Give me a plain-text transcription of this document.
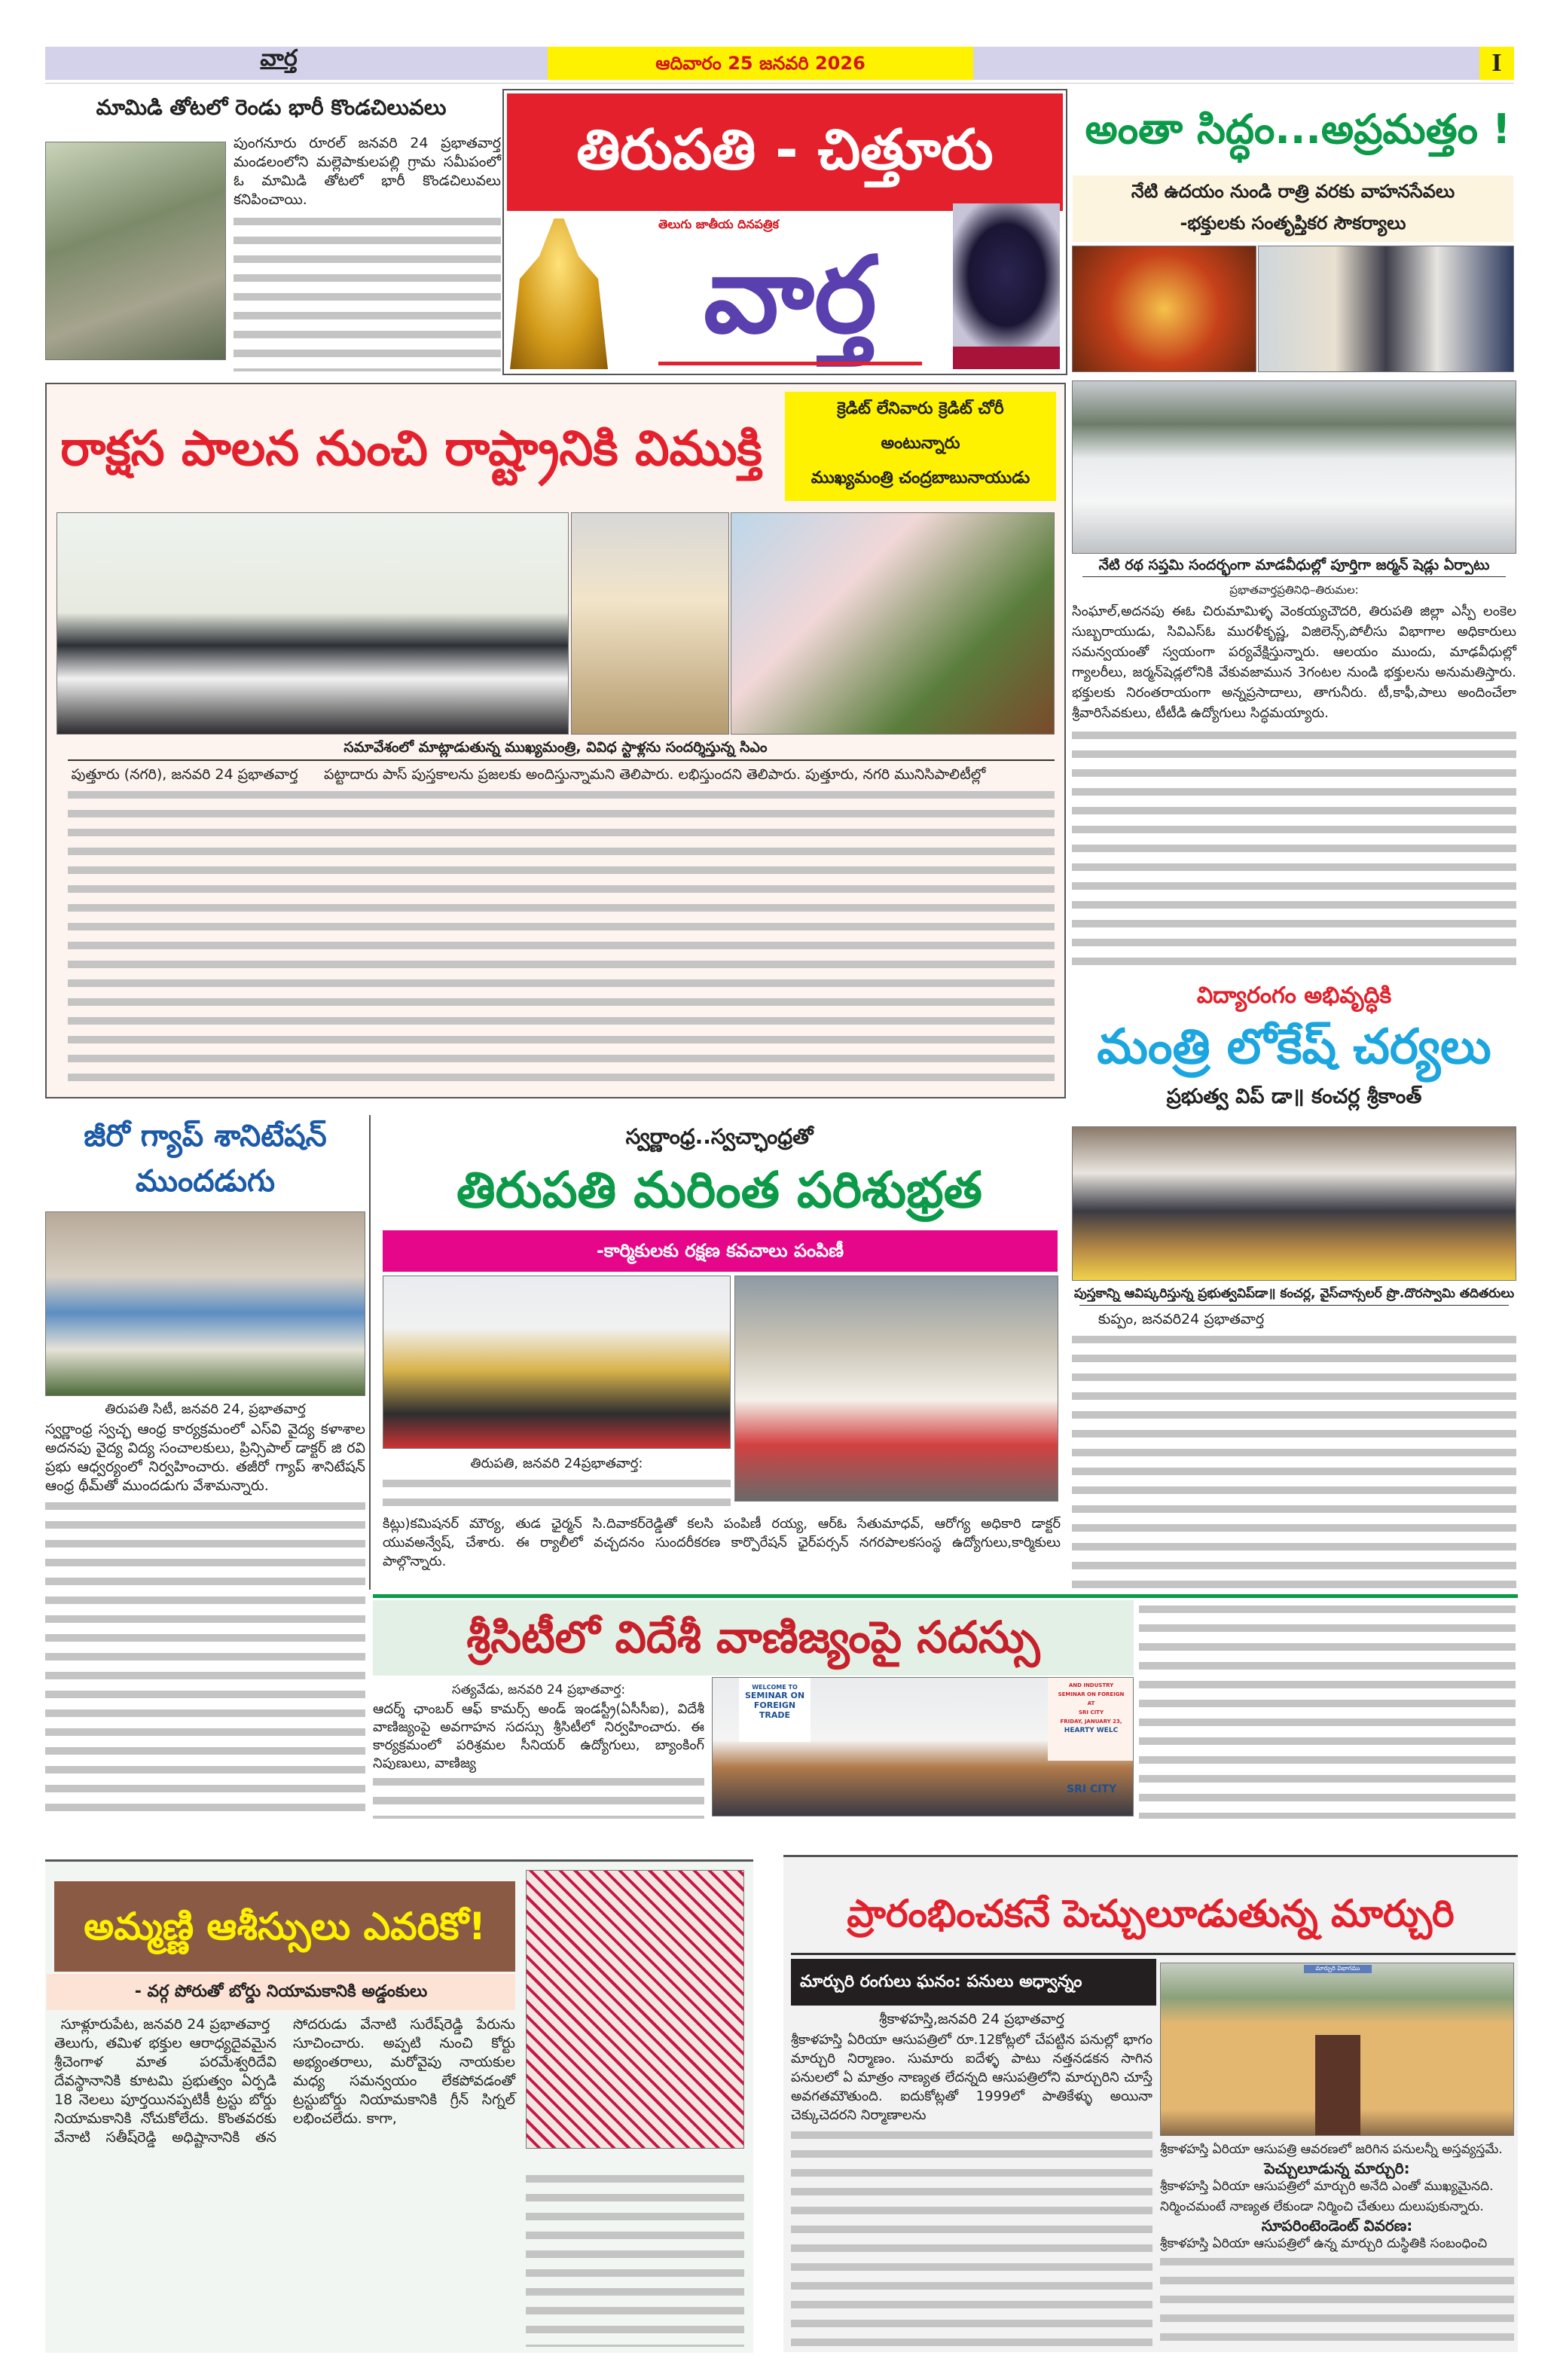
వార్త	ఆదివారం 25 జనవరి 2026	I
మామిడి తోటలో రెండు భారీ కొండచిలువలు
పుంగనూరు రూరల్ జనవరి 24 ప్రభాతవార్త మండలంలోని మల్లెపాకులపల్లి గ్రామ సమీపంలో ఓ మామిడి తోటలో భారీ కొండచిలువలు కనిపించాయి.
తిరుపతి - చిత్తూరు
తెలుగు జాతీయ దినపత్రిక
వార్త
అంతా సిద్ధం...అప్రమత్తం !
నేటి ఉదయం నుండి రాత్రి వరకు వాహనసేవలు
-భక్తులకు సంతృప్తికర సౌకర్యాలు
నేటి రథ సప్తమి సందర్భంగా మాడవీధుల్లో పూర్తిగా జర్మన్ షెడ్లు ఏర్పాటు
ప్రభాతవార్తప్రతినిధి–తిరుమల:
సింఘాల్,అదనపు ఈఓ చిరుమామిళ్ళ వెంకయ్యచౌదరి, తిరుపతి జిల్లా ఎస్పీ లంకెల సుబ్బరాయుడు, సివిఎస్ఓ మురళీకృష్ణ, విజిలెన్స్,పోలీసు విభాగాల అధికారులు సమన్వయంతో స్వయంగా పర్యవేక్షిస్తున్నారు. ఆలయం ముందు, మాఢవీధుల్లో గ్యాలరీలు, జర్మన్‌షెడ్లలోనికి వేకువజామున 3గంటల నుండి భక్తులను అనుమతిస్తారు. భక్తులకు నిరంతరాయంగా అన్నప్రసాదాలు, తాగునీరు. టీ,కాఫీ,పాలు అందించేలా శ్రీవారిసేవకులు, టీటీడి ఉద్యోగులు సిద్ధమయ్యారు.
రాక్షస పాలన నుంచి రాష్ట్రానికి విముక్తి
క్రెడిట్ లేనివారు క్రెడిట్ చోరీ
అంటున్నారు
ముఖ్యమంత్రి చంద్రబాబునాయుడు
సమావేశంలో మాట్లాడుతున్న ముఖ్యమంత్రి, వివిధ స్టాళ్లను సందర్శిస్తున్న సిఎం
పుత్తూరు (నగరి), జనవరి 24 ప్రభాతవార్త పట్టాదారు పాస్ పుస్తకాలను ప్రజలకు అందిస్తున్నామని తెలిపారు. లభిస్తుందని తెలిపారు. పుత్తూరు, నగరి మునిసిపాలిటీల్లో
విద్యారంగం అభివృద్ధికి
మంత్రి లోకేష్ చర్యలు
ప్రభుత్వ విప్ డా॥ కంచర్ల శ్రీకాంత్
పుస్తకాన్ని ఆవిష్కరిస్తున్న ప్రభుత్వవిప్‌డా॥ కంచర్ల, వైస్‌చాన్సలర్ ప్రొ.దొరస్వామి తదితరులు
కుప్పం, జనవరి24 ప్రభాతవార్త
జీరో గ్యాప్ శానిటేషన్
ముందడుగు
తిరుపతి సిటీ, జనవరి 24, ప్రభాతవార్త
స్వర్ణాంధ్ర స్వచ్ఛ ఆంధ్ర కార్యక్రమంలో ఎస్‌వి వైద్య కళాశాల అదనపు వైద్య విద్య సంచాలకులు, ప్రిన్సిపాల్ డాక్టర్ జి రవి ప్రభు ఆధ్వర్యంలో నిర్వహించారు. తజీరో గ్యాప్ శానిటేషన్ ఆంధ్ర థీమ్‌తో ముందడుగు వేశామన్నారు.
స్వర్ణాంధ్ర..స్వచ్ఛాంధ్రతో
తిరుపతి మరింత పరిశుభ్రత
-కార్మికులకు రక్షణ కవచాలు పంపిణీ
తిరుపతి, జనవరి 24ప్రభాతవార్త:
కిట్లు)కమిషనర్ మౌర్య, తుడ ఛైర్మన్ సి.దివాకర్‌రెడ్డితో కలసి పంపిణీ రయ్య, ఆర్‌ఓ సేతుమాధవ్, ఆరోగ్య అధికారి డాక్టర్ యువఅన్వేష్, చేశారు. ఈ ర్యాలీలో వచ్చదనం సుందరీకరణ కార్పొరేషన్ ఛైర్‌పర్సన్ నగరపాలకసంస్థ ఉద్యోగులు,కార్మికులు పాల్గొన్నారు.
శ్రీసిటీలో విదేశీ వాణిజ్యంపై సదస్సు
సత్యవేడు, జనవరి 24 ప్రభాతవార్త:
ఆదర్శ్ ఛాంబర్ ఆఫ్ కామర్స్ అండ్ ఇండస్ట్రీ(ఏసీసీఐ), విదేశీ వాణిజ్యంపై అవగాహన సదస్సు శ్రీసిటీలో నిర్వహించారు. ఈ కార్యక్రమంలో పరిశ్రమల సీనియర్ ఉద్యోగులు, బ్యాంకింగ్ నిపుణులు, వాణిజ్య
WELCOME TO
SEMINAR ON
FOREIGN TRADE
AND INDUSTRY
SEMINAR ON FOREIGN
AT
SRI CITY
FRIDAY, JANUARY 23,
HEARTY WELC
SRI CITY
అమ్మణ్ణి ఆశీస్సులు ఎవరికో!
- వర్గ పోరుతో బోర్డు నియామకానికి అడ్డంకులు
సూళ్లూరుపేట, జనవరి 24 ప్రభాతవార్త
తెలుగు, తమిళ భక్తుల ఆరాధ్యదైవమైన శ్రీచెంగాళ మాత పరమేశ్వరిదేవి దేవస్థానానికి కూటమి ప్రభుత్వం ఏర్పడి 18 నెలలు పూర్తయినప్పటికీ ట్రస్టు బోర్డు నియామకానికి నోచుకోలేదు. కొంతవరకు వేనాటి సతీష్‌రెడ్డి అధిష్టానానికి తన సోదరుడు వేనాటి సురేష్‌రెడ్డి పేరును సూచించారు. అప్పటి నుంచి కోర్టు అభ్యంతరాలు, మరోవైపు నాయకుల మధ్య సమన్వయం లేకపోవడంతో ట్రస్టుబోర్డు నియామకానికి గ్రీన్ సిగ్నల్ లభించలేదు. కాగా,
ప్రారంభించకనే పెచ్చులూడుతున్న మార్చురి
మార్చురి రంగులు ఘనం: పనులు అధ్వాన్నం
మార్చురి విభాగము
శ్రీకాళహస్తి,జనవరి 24 ప్రభాతవార్త
శ్రీకాళహస్తి ఏరియా ఆసుపత్రిలో రూ.12కోట్లలో చేపట్టిన పనుల్లో భాగం మార్చురి నిర్మాణం. సుమారు ఐదేళ్ళ పాటు నత్తనడకన సాగిన పనులలో ఏ మాత్రం నాణ్యత లేదన్నది ఆసుపత్రిలోని మార్చురిని చూస్తే అవగతమౌతుంది. ఐదుకోట్లతో 1999లో పాతికేళ్ళు అయినా చెక్కుచెదరని నిర్మాణాలను
శ్రీకాళహస్తి ఏరియా ఆసుపత్రి ఆవరణలో జరిగిన పనులన్నీ అస్తవ్యస్తమే.
పెచ్చులూడున్న మార్చురి:
శ్రీకాళహస్తి ఏరియా ఆసుపత్రిలో మార్చురి అనేది ఎంతో ముఖ్యమైనది.
నిర్మించమంటే నాణ్యత లేకుండా నిర్మించి చేతులు దులుపుకున్నారు.
సూపరింటెండెంట్ వివరణ:
శ్రీకాళహస్తి ఏరియా ఆసుపత్రిలో ఉన్న మార్చురి దుస్థితికి సంబంధించి
